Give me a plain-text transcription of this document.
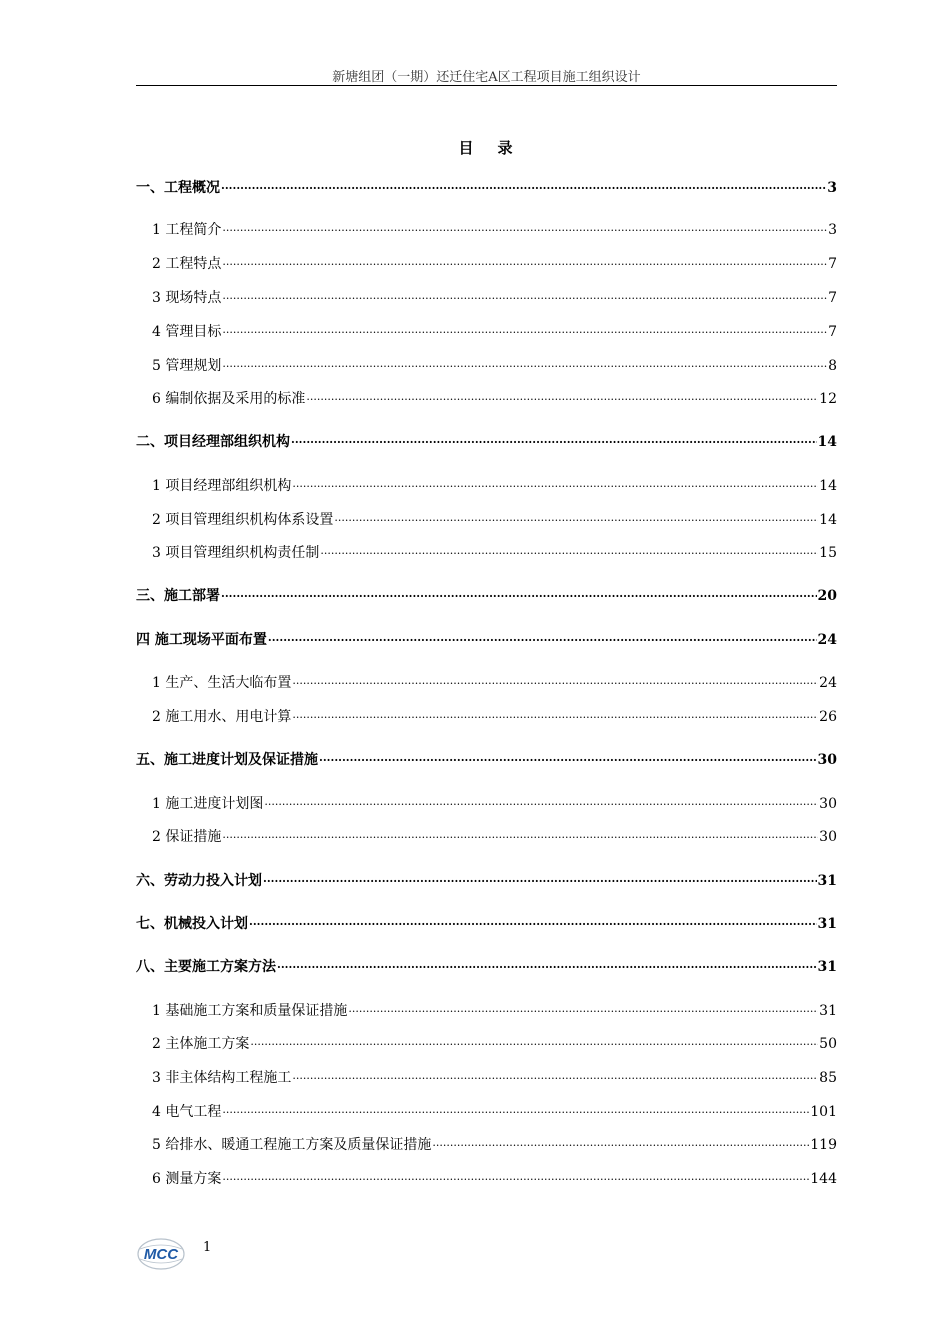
新塘组团（一期）还迁住宅A区工程项目施工组织设计
目 录
一、工程概况 .....	3
1 工程简介 .....	3
2 工程特点 .....	7
3 现场特点 .....	7
4 管理目标 .....	7
5 管理规划 .....	8
6 编制依据及采用的标准 .....	12
二、项目经理部组织机构 .....	14
1 项目经理部组织机构 .....	14
2 项目管理组织机构体系设置 .....	14
3 项目管理组织机构责任制 .....	15
三、施工部署 .....	20
四 施工现场平面布置 .....	24
1 生产、生活大临布置 .....	24
2 施工用水、用电计算 .....	26
五、施工进度计划及保证措施 .....	30
1 施工进度计划图 .....	30
2 保证措施 .....	30
六、劳动力投入计划 .....	31
七、机械投入计划 .....	31
八、主要施工方案方法 .....	31
1 基础施工方案和质量保证措施 .....	31
2 主体施工方案 .....	50
3 非主体结构工程施工 .....	85
4 电气工程 .....	101
5 给排水、暖通工程施工方案及质量保证措施 .....	119
6 测量方案 .....	144
MCC 1
